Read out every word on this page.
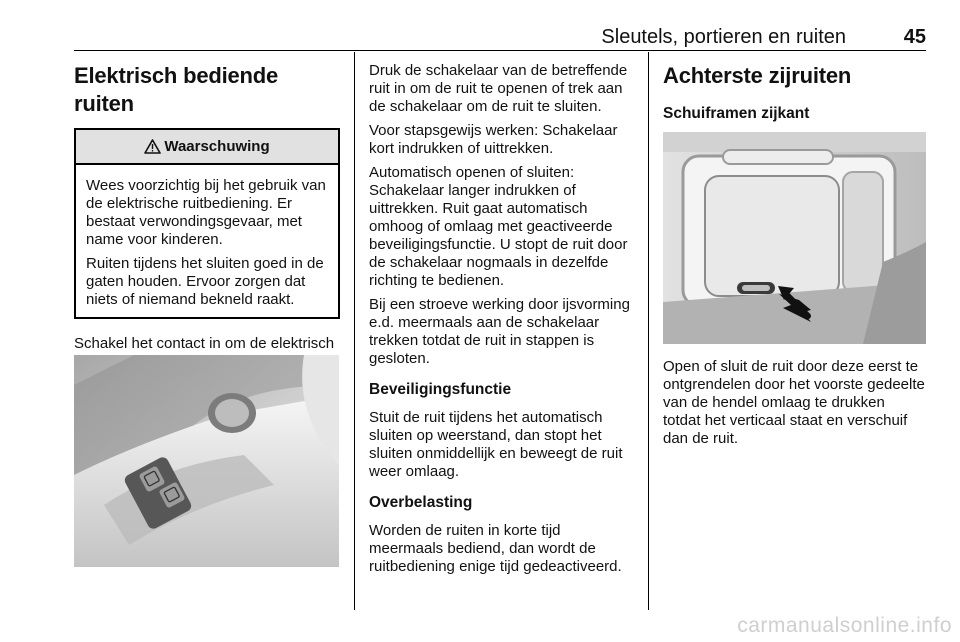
Sleutels, portieren en ruiten	45
Elektrisch bediende ruiten
Waarschuwing

Wees voorzichtig bij het gebruik van de elektrische ruitbediening. Er bestaat verwondingsgevaar, met name voor kinderen.

Ruiten tijdens het sluiten goed in de gaten houden. Ervoor zorgen dat niets of niemand bekneld raakt.

Schakel het contact in om de elektrisch

Druk de schakelaar van de betreffende ruit in om de ruit te openen of trek aan de schakelaar om de ruit te sluiten.

Voor stapsgewijs werken: Schakelaar kort indrukken of uittrekken.

Automatisch openen of sluiten: Schakelaar langer indrukken of uittrekken. Ruit gaat automatisch omhoog of omlaag met geactiveerde beveiligingsfunctie. U stopt de ruit door de schakelaar nogmaals in dezelfde richting te bedienen.

Bij een stroeve werking door ijsvorming e.d. meermaals aan de schakelaar trekken totdat de ruit in stappen is gesloten.

Beveiligingsfunctie

Stuit de ruit tijdens het automatisch sluiten op weerstand, dan stopt het sluiten onmiddellijk en beweegt de ruit weer omlaag.

Overbelasting

Worden de ruiten in korte tijd meermaals bediend, dan wordt de ruitbediening enige tijd gedeactiveerd.

Achterste zijruiten
Schuiframen zijkant

Open of sluit de ruit door deze eerst te ontgrendelen door het voorste gedeelte van de hendel omlaag te drukken totdat het verticaal staat en verschuif dan de ruit.

carmanualsonline.info
